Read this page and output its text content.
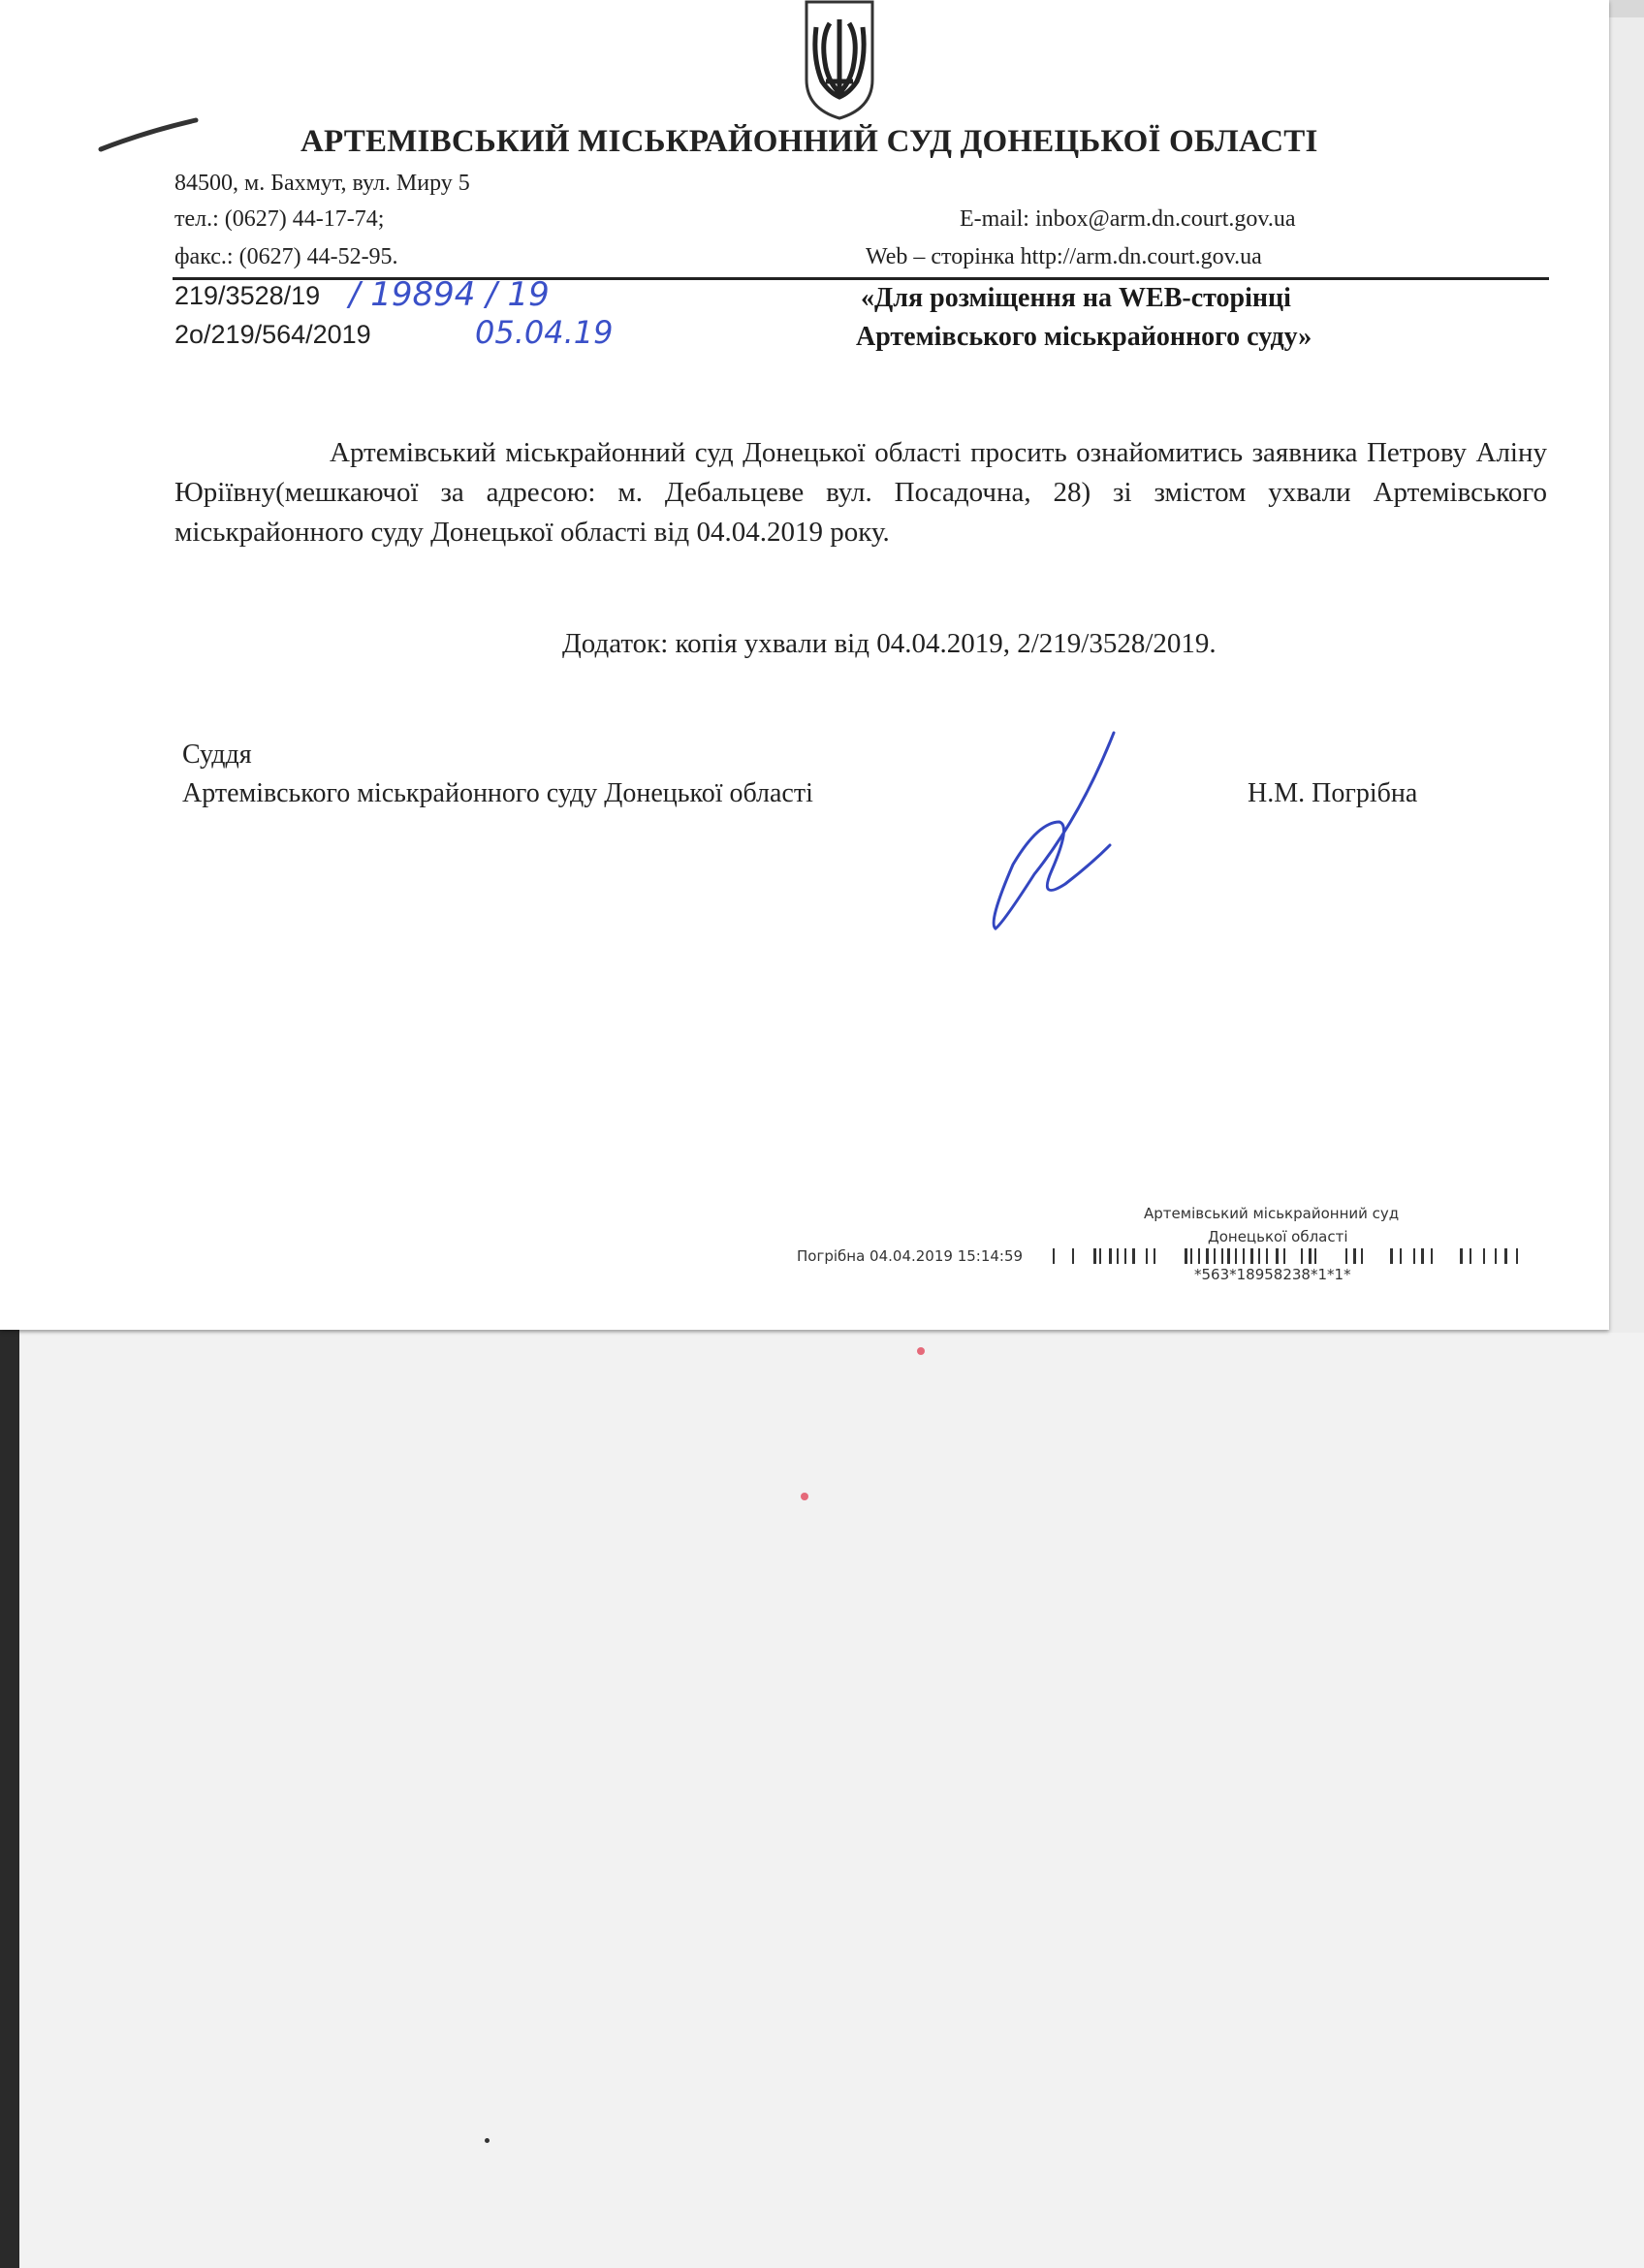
АРТЕМІВСЬКИЙ МІСЬКРАЙОННИЙ СУД ДОНЕЦЬКОЇ ОБЛАСТІ
84500, м. Бахмут, вул. Миру 5
тел.: (0627) 44-17-74;
факс.: (0627) 44-52-95.
E-mail: inbox@arm.dn.court.gov.ua
Web – сторінка http://arm.dn.court.gov.ua
219/3528/19
2о/219/564/2019
/ 19894 / 19
05.04.19
«Для розміщення на WEB-сторінці
Артемівського міськрайонного суду»
Артемівський міськрайонний суд Донецької області просить ознайомитись заявника Петрову Аліну Юріївну(мешкаючої за адресою: м. Дебальцеве вул. Посадочна, 28) зі змістом ухвали Артемівського міськрайонного суду Донецької області від 04.04.2019 року.
Додаток: копія ухвали від 04.04.2019, 2/219/3528/2019.
Суддя
Артемівського міськрайонного суду Донецької області	Н.М. Погрібна
Артемівський міськрайонний суд
Донецької області
Погрібна 04.04.2019 15:14:59
*563*18958238*1*1*
